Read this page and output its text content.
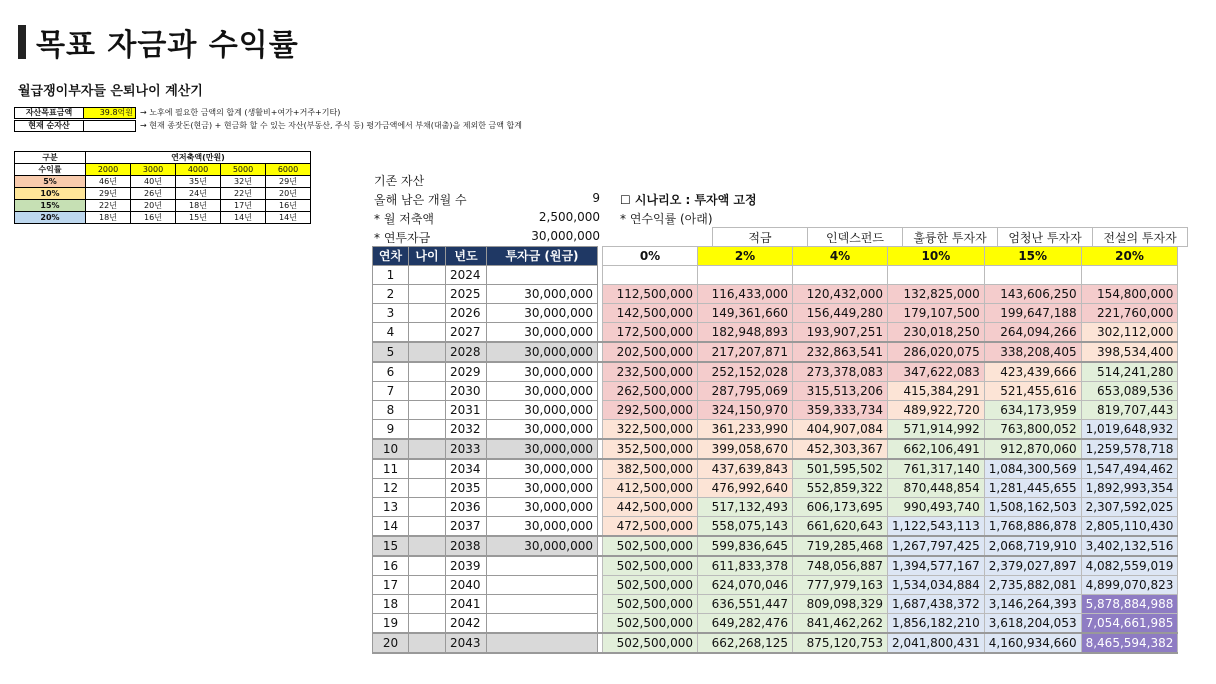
목표 자금과 수익률
월급쟁이부자들 은퇴나이 계산기
자산목표금액	39.8억원 → 노후에 필요한 금액의 합계 (생활비+여가+거주+기타)
현재 순자산	→ 현재 종잣돈(현금) + 현금화 할 수 있는 자산(부동산, 주식 등) 평가금액에서 부채(대출)을 제외한 금액 합계
구분	연저축액(만원)				
수익률	2000	3000	4000	5000	6000
5%	46년	40년	35년	32년	29년
10%	29년	26년	24년	22년	20년
15%	22년	20년	18년	17년	16년
20%	18년	16년	15년	14년	14년
기존 자산
올해 남은 개월 수	9
* 월 저축액	2,500,000
* 연투자금	30,000,000
☐ 시나리오 : 투자액 고정
* 연수익률 (아래)
	적금	인덱스펀드	훌륭한 투자자	엄청난 투자자	전설의 투자자
연차	나이	년도	투자금 (원금)		0%	2%	4%	10%	15%	20%
1		2024								
2		2025	30,000,000		112,500,000	116,433,000	120,432,000	132,825,000	143,606,250	154,800,000
3		2026	30,000,000		142,500,000	149,361,660	156,449,280	179,107,500	199,647,188	221,760,000
4		2027	30,000,000		172,500,000	182,948,893	193,907,251	230,018,250	264,094,266	302,112,000
5		2028	30,000,000		202,500,000	217,207,871	232,863,541	286,020,075	338,208,405	398,534,400
6		2029	30,000,000		232,500,000	252,152,028	273,378,083	347,622,083	423,439,666	514,241,280
7		2030	30,000,000		262,500,000	287,795,069	315,513,206	415,384,291	521,455,616	653,089,536
8		2031	30,000,000		292,500,000	324,150,970	359,333,734	489,922,720	634,173,959	819,707,443
9		2032	30,000,000		322,500,000	361,233,990	404,907,084	571,914,992	763,800,052	1,019,648,932
10		2033	30,000,000		352,500,000	399,058,670	452,303,367	662,106,491	912,870,060	1,259,578,718
11		2034	30,000,000		382,500,000	437,639,843	501,595,502	761,317,140	1,084,300,569	1,547,494,462
12		2035	30,000,000		412,500,000	476,992,640	552,859,322	870,448,854	1,281,445,655	1,892,993,354
13		2036	30,000,000		442,500,000	517,132,493	606,173,695	990,493,740	1,508,162,503	2,307,592,025
14		2037	30,000,000		472,500,000	558,075,143	661,620,643	1,122,543,113	1,768,886,878	2,805,110,430
15		2038	30,000,000		502,500,000	599,836,645	719,285,468	1,267,797,425	2,068,719,910	3,402,132,516
16		2039			502,500,000	611,833,378	748,056,887	1,394,577,167	2,379,027,897	4,082,559,019
17		2040			502,500,000	624,070,046	777,979,163	1,534,034,884	2,735,882,081	4,899,070,823
18		2041			502,500,000	636,551,447	809,098,329	1,687,438,372	3,146,264,393	5,878,884,988
19		2042			502,500,000	649,282,476	841,462,262	1,856,182,210	3,618,204,053	7,054,661,985
20		2043			502,500,000	662,268,125	875,120,753	2,041,800,431	4,160,934,660	8,465,594,382
